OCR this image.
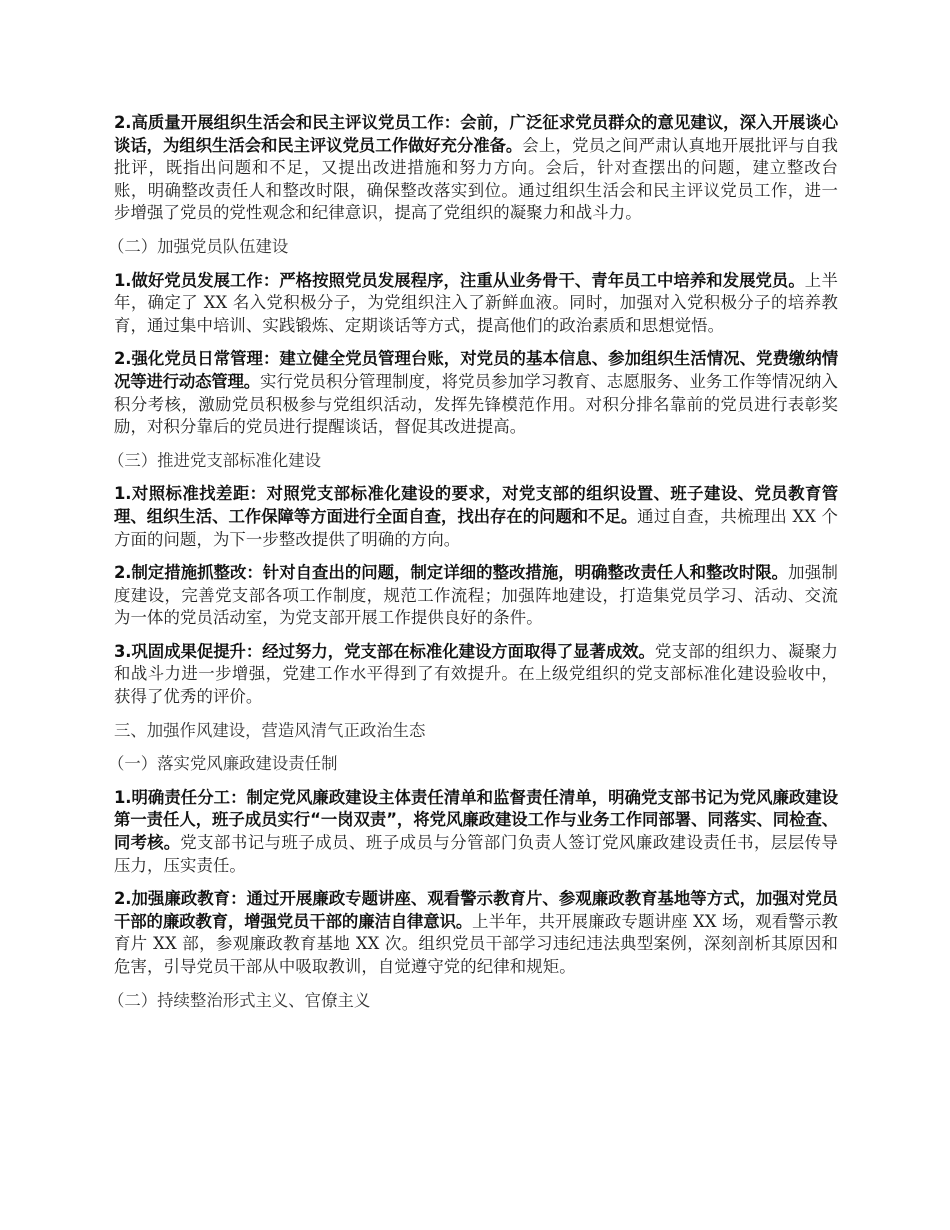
2.高质量开展组织生活会和民主评议党员工作：会前，广泛征求党员群众的意见建议，深入开展谈心谈话，为组织生活会和民主评议党员工作做好充分准备。会上，党员之间严肃认真地开展批评与自我批评，既指出问题和不足，又提出改进措施和努力方向。会后，针对查摆出的问题，建立整改台账，明确整改责任人和整改时限，确保整改落实到位。通过组织生活会和民主评议党员工作，进一步增强了党员的党性观念和纪律意识，提高了党组织的凝聚力和战斗力。

（二）加强党员队伍建设

1.做好党员发展工作：严格按照党员发展程序，注重从业务骨干、青年员工中培养和发展党员。上半年，确定了 XX 名入党积极分子，为党组织注入了新鲜血液。同时，加强对入党积极分子的培养教育，通过集中培训、实践锻炼、定期谈话等方式，提高他们的政治素质和思想觉悟。

2.强化党员日常管理：建立健全党员管理台账，对党员的基本信息、参加组织生活情况、党费缴纳情况等进行动态管理。实行党员积分管理制度，将党员参加学习教育、志愿服务、业务工作等情况纳入积分考核，激励党员积极参与党组织活动，发挥先锋模范作用。对积分排名靠前的党员进行表彰奖励，对积分靠后的党员进行提醒谈话，督促其改进提高。

（三）推进党支部标准化建设

1.对照标准找差距：对照党支部标准化建设的要求，对党支部的组织设置、班子建设、党员教育管理、组织生活、工作保障等方面进行全面自查，找出存在的问题和不足。通过自查，共梳理出 XX 个方面的问题，为下一步整改提供了明确的方向。

2.制定措施抓整改：针对自查出的问题，制定详细的整改措施，明确整改责任人和整改时限。加强制度建设，完善党支部各项工作制度，规范工作流程；加强阵地建设，打造集党员学习、活动、交流为一体的党员活动室，为党支部开展工作提供良好的条件。

3.巩固成果促提升：经过努力，党支部在标准化建设方面取得了显著成效。党支部的组织力、凝聚力和战斗力进一步增强，党建工作水平得到了有效提升。在上级党组织的党支部标准化建设验收中，获得了优秀的评价。

三、加强作风建设，营造风清气正政治生态

（一）落实党风廉政建设责任制

1.明确责任分工：制定党风廉政建设主体责任清单和监督责任清单，明确党支部书记为党风廉政建设第一责任人，班子成员实行“一岗双责”，将党风廉政建设工作与业务工作同部署、同落实、同检查、同考核。党支部书记与班子成员、班子成员与分管部门负责人签订党风廉政建设责任书，层层传导压力，压实责任。

2.加强廉政教育：通过开展廉政专题讲座、观看警示教育片、参观廉政教育基地等方式，加强对党员干部的廉政教育，增强党员干部的廉洁自律意识。上半年，共开展廉政专题讲座 XX 场，观看警示教育片 XX 部，参观廉政教育基地 XX 次。组织党员干部学习违纪违法典型案例，深刻剖析其原因和危害，引导党员干部从中吸取教训，自觉遵守党的纪律和规矩。

（二）持续整治形式主义、官僚主义
